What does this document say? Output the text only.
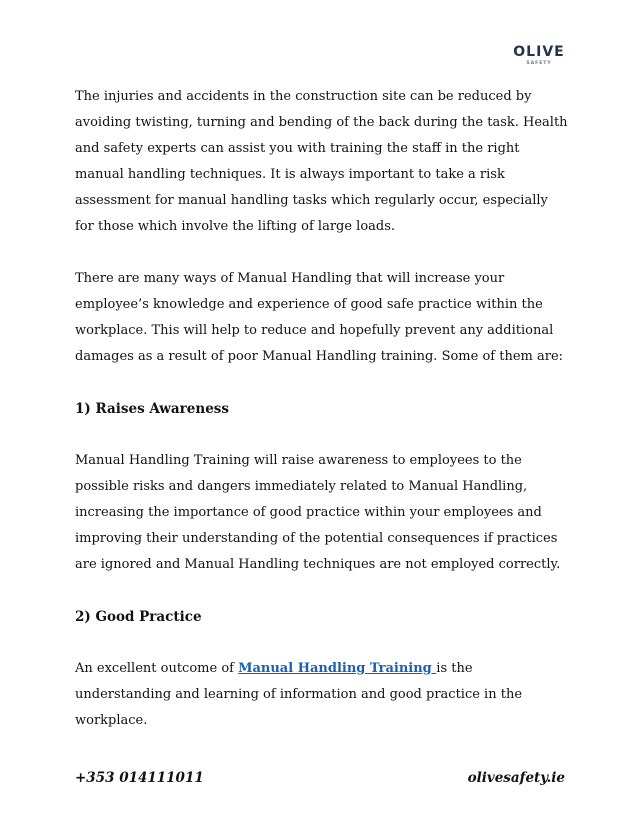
OLIVE
SAFETY

The injuries and accidents in the construction site can be reduced by avoiding twisting, turning and bending of the back during the task. Health and safety experts can assist you with training the staff in the right manual handling techniques. It is always important to take a risk assessment for manual handling tasks which regularly occur, especially for those which involve the lifting of large loads.

There are many ways of Manual Handling that will increase your employee’s knowledge and experience of good safe practice within the workplace. This will help to reduce and hopefully prevent any additional damages as a result of poor Manual Handling training. Some of them are:

1) Raises Awareness

Manual Handling Training will raise awareness to employees to the possible risks and dangers immediately related to Manual Handling, increasing the importance of good practice within your employees and improving their understanding of the potential consequences if practices are ignored and Manual Handling techniques are not employed correctly.

2) Good Practice

An excellent outcome of Manual Handling Training is the understanding and learning of information and good practice in the workplace.

+353 014111011	olivesafety.ie
